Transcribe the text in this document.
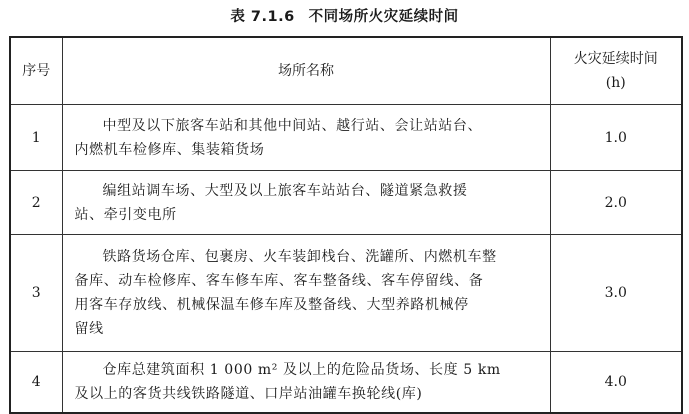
表 7.1.6 不同场所火灾延续时间
序号	场所名称	火灾延续时间
(h)

1	中型及以下旅客车站和其他中间站、越行站、会让站站台、
内燃机车检修库、集装箱货场	1.0
2	编组站调车场、大型及以上旅客车站站台、隧道紧急救援
站、牵引变电所	2.0
3	铁路货场仓库、包裹房、火车装卸栈台、洗罐所、内燃机车整
备库、动车检修库、客车修车库、客车整备线、客车停留线、备
用客车存放线、机械保温车修车库及整备线、大型养路机械停
留线	3.0
4	仓库总建筑面积 1 000 m² 及以上的危险品货场、长度 5 km
及以上的客货共线铁路隧道、口岸站油罐车换轮线(库)	4.0
